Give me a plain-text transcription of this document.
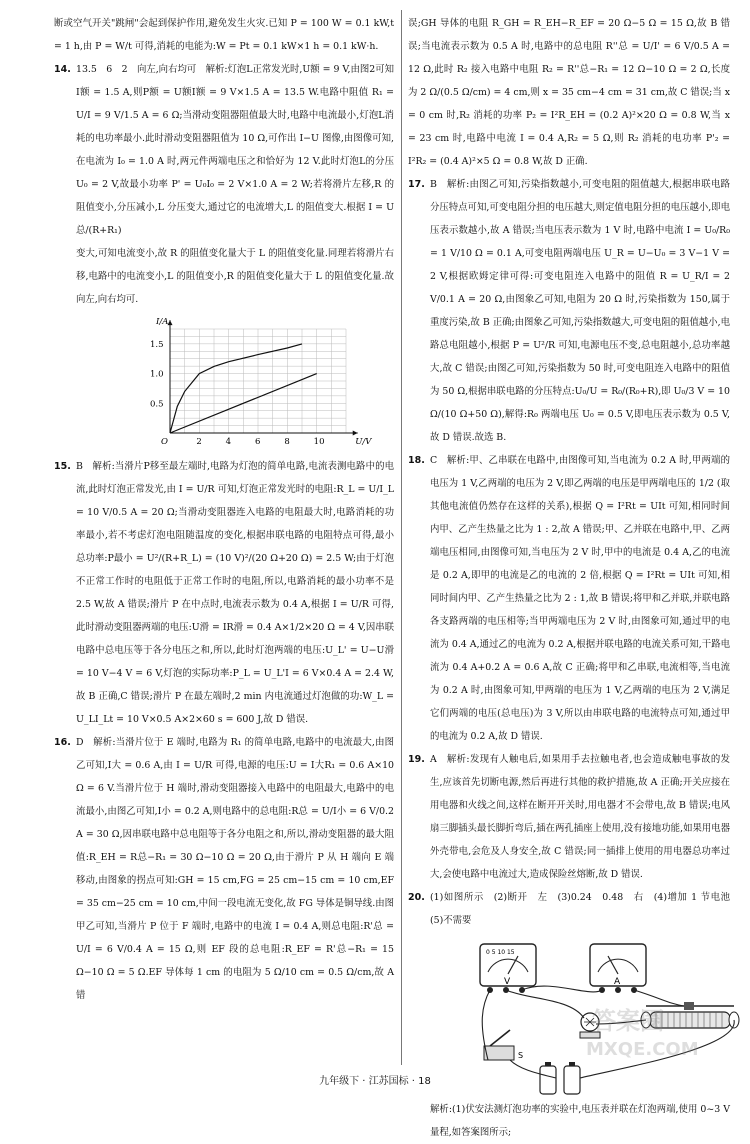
断或空气开关"跳闸"会起到保护作用,避免发生火灾.已知 P = 100 W = 0.1 kW,t = 1 h,由 P = W/t 可得,消耗的电能为:W = Pt = 0.1 kW×1 h = 0.1 kW·h.

14. 13.5　6　2　向左,向右均可　解析:灯泡L正常发光时,U额 = 9 V,由图2可知I额 = 1.5 A,则P额 = U额I额 = 9 V×1.5 A = 13.5 W.电路中阻值 R₁ = U/I = 9 V/1.5 A = 6 Ω;当滑动变阻器阻值最大时,电路中电流最小,灯泡L消耗的电功率最小.此时滑动变阻器阻值为 10 Ω,可作出 I−U 图像,由图像可知,在电流为 I₀ = 1.0 A 时,两元件两端电压之和恰好为 12 V.此时灯泡L的分压 U₀ = 2 V,故最小功率 P' = U₀I₀ = 2 V×1.0 A = 2 W;若将滑片左移,R 的阻值变小,分压减小,L 分压变大,通过它的电流增大,L 的阻值变大.根据 I = U总/(R+R₁)

变大,可知电流变小,故 R 的阻值变化量大于 L 的阻值变化量.同理若将滑片右移,电路中的电流变小,L 的阻值变小,R 的阻值变化量大于 L 的阻值变化量.故向左,向右均可.

2	4	6	8	10
0.5
1.0
1.5
O	U/V
I/A

15. B　解析:当滑片P移至最左端时,电路为灯泡的简单电路,电流表测电路中的电流,此时灯泡正常发光,由 I = U/R 可知,灯泡正常发光时的电阻:R_L = U/I_L = 10 V/0.5 A = 20 Ω;当滑动变阻器连入电路的电阻最大时,电路消耗的功率最小,若不考虑灯泡电阻随温度的变化,根据串联电路的电阻特点可得,最小总功率:P最小 = U²/(R+R_L) = (10 V)²/(20 Ω+20 Ω) = 2.5 W;由于灯泡不正常工作时的电阻低于正常工作时的电阻,所以,电路消耗的最小功率不是 2.5 W,故 A 错误;滑片 P 在中点时,电流表示数为 0.4 A,根据 I = U/R 可得,此时滑动变阻器两端的电压:U滑 = IR滑 = 0.4 A×1/2×20 Ω = 4 V,因串联电路中总电压等于各分电压之和,所以,此时灯泡两端的电压:U_L' = U−U滑 = 10 V−4 V = 6 V,灯泡的实际功率:P_L = U_L'I = 6 V×0.4 A = 2.4 W,故 B 正确,C 错误;滑片 P 在最左端时,2 min 内电流通过灯泡做的功:W_L = U_LI_Lt = 10 V×0.5 A×2×60 s = 600 J,故 D 错误.

16. D　解析:当滑片位于 E 端时,电路为 R₁ 的简单电路,电路中的电流最大,由图乙可知,I大 = 0.6 A,由 I = U/R 可得,电源的电压:U = I大R₁ = 0.6 A×10 Ω = 6 V.当滑片位于 H 端时,滑动变阻器接入电路中的电阻最大,电路中的电流最小,由图乙可知,I小 = 0.2 A,则电路中的总电阻:R总 = U/I小 = 6 V/0.2 A = 30 Ω,因串联电路中总电阻等于各分电阻之和,所以,滑动变阻器的最大阻值:R_EH = R总−R₁ = 30 Ω−10 Ω = 20 Ω,由于滑片 P 从 H 端向 E 端移动,由图象的拐点可知:GH = 15 cm,FG = 25 cm−15 cm = 10 cm,EF = 35 cm−25 cm = 10 cm,中间一段电流无变化,故 FG 导体是铜导线.由图甲乙可知,当滑片 P 位于 F 端时,电路中的电流 I = 0.4 A,则总电阻:R'总 = U/I = 6 V/0.4 A = 15 Ω,则 EF 段的总电阻:R_EF = R'总−R₁ = 15 Ω−10 Ω = 5 Ω.EF 导体每 1 cm 的电阻为 5 Ω/10 cm = 0.5 Ω/cm,故 A 错

误;GH 导体的电阻 R_GH = R_EH−R_EF = 20 Ω−5 Ω = 15 Ω,故 B 错误;当电流表示数为 0.5 A 时,电路中的总电阻 R''总 = U/I' = 6 V/0.5 A = 12 Ω,此时 R₂ 接入电路中电阻 R₂ = R''总−R₁ = 12 Ω−10 Ω = 2 Ω,长度为 2 Ω/(0.5 Ω/cm) = 4 cm,则 x = 35 cm−4 cm = 31 cm,故 C 错误;当 x = 0 cm 时,R₂ 消耗的功率 P₂ = I²R_EH = (0.2 A)²×20 Ω = 0.8 W,当 x = 23 cm 时,电路中电流 I = 0.4 A,R₂ = 5 Ω,则 R₂ 消耗的电功率 P'₂ = I²R₂ = (0.4 A)²×5 Ω = 0.8 W,故 D 正确.

17. B　解析:由图乙可知,污染指数越小,可变电阻的阻值越大,根据串联电路分压特点可知,可变电阻分担的电压越大,则定值电阻分担的电压越小,即电压表示数越小,故 A 错误;当电压表示数为 1 V 时,电路中电流 I = U₀/R₀ = 1 V/10 Ω = 0.1 A,可变电阻两端电压 U_R = U−U₀ = 3 V−1 V = 2 V,根据欧姆定律可得:可变电阻连入电路中的阻值 R = U_R/I = 2 V/0.1 A = 20 Ω,由图象乙可知,电阻为 20 Ω 时,污染指数为 150,属于重度污染,故 B 正确;由图象乙可知,污染指数越大,可变电阻的阻值越小,电路总电阻越小,根据 P = U²/R 可知,电源电压不变,总电阻越小,总功率越大,故 C 错误;由图乙可知,污染指数为 50 时,可变电阻连入电路中的阻值为 50 Ω,根据串联电路的分压特点:U₀/U = R₀/(R₀+R),即 U₀/3 V = 10 Ω/(10 Ω+50 Ω),解得:R₀ 两端电压 U₀ = 0.5 V,即电压表示数为 0.5 V,故 D 错误.故选 B.

18. C　解析:甲、乙串联在电路中,由图像可知,当电流为 0.2 A 时,甲两端的电压为 1 V,乙两端的电压为 2 V,即乙两端的电压是甲两端电压的 1/2 (取其他电流值仍然存在这样的关系),根据 Q = I²Rt = UIt 可知,相同时间内甲、乙产生热量之比为 1 : 2,故 A 错误;甲、乙并联在电路中,甲、乙两端电压相同,由图像可知,当电压为 2 V 时,甲中的电流是 0.4 A,乙的电流是 0.2 A,即甲的电流是乙的电流的 2 倍,根据 Q = I²Rt = UIt 可知,相同时间内甲、乙产生热量之比为 2 : 1,故 B 错误;将甲和乙并联,并联电路各支路两端的电压相等;当甲两端电压为 2 V 时,由图象可知,通过甲的电流为 0.4 A,通过乙的电流为 0.2 A,根据并联电路的电流关系可知,干路电流为 0.4 A+0.2 A = 0.6 A,故 C 正确;将甲和乙串联,电流相等,当电流为 0.2 A 时,由图象可知,甲两端的电压为 1 V,乙两端的电压为 2 V,满足它们两端的电压(总电压)为 3 V,所以由串联电路的电流特点可知,通过甲的电流为 0.2 A,故 D 错误.

19. A　解析:发现有人触电后,如果用手去拉触电者,也会造成触电事故的发生,应该首先切断电源,然后再进行其他的救护措施,故 A 正确;开关应接在用电器和火线之间,这样在断开开关时,用电器才不会带电,故 B 错误;电风扇三脚插头最长脚折弯后,插在两孔插座上使用,没有接地功能,如果用电器外壳带电,会危及人身安全,故 C 错误;同一插排上使用的用电器总功率过大,会使电路中电流过大,造成保险丝熔断,故 D 错误.

20. (1)如图所示　(2)断开　左　(3)0.24　0.48　右　(4)增加 1 节电池　(5)不需要

V
0 5 10 15
A
S

解析:(1)伏安法测灯泡功率的实验中,电压表并联在灯泡两端,使用 0~3 V 量程,如答案图所示;

九年级下 · 江苏国标 · 18
答案圈
MXQE.COM
